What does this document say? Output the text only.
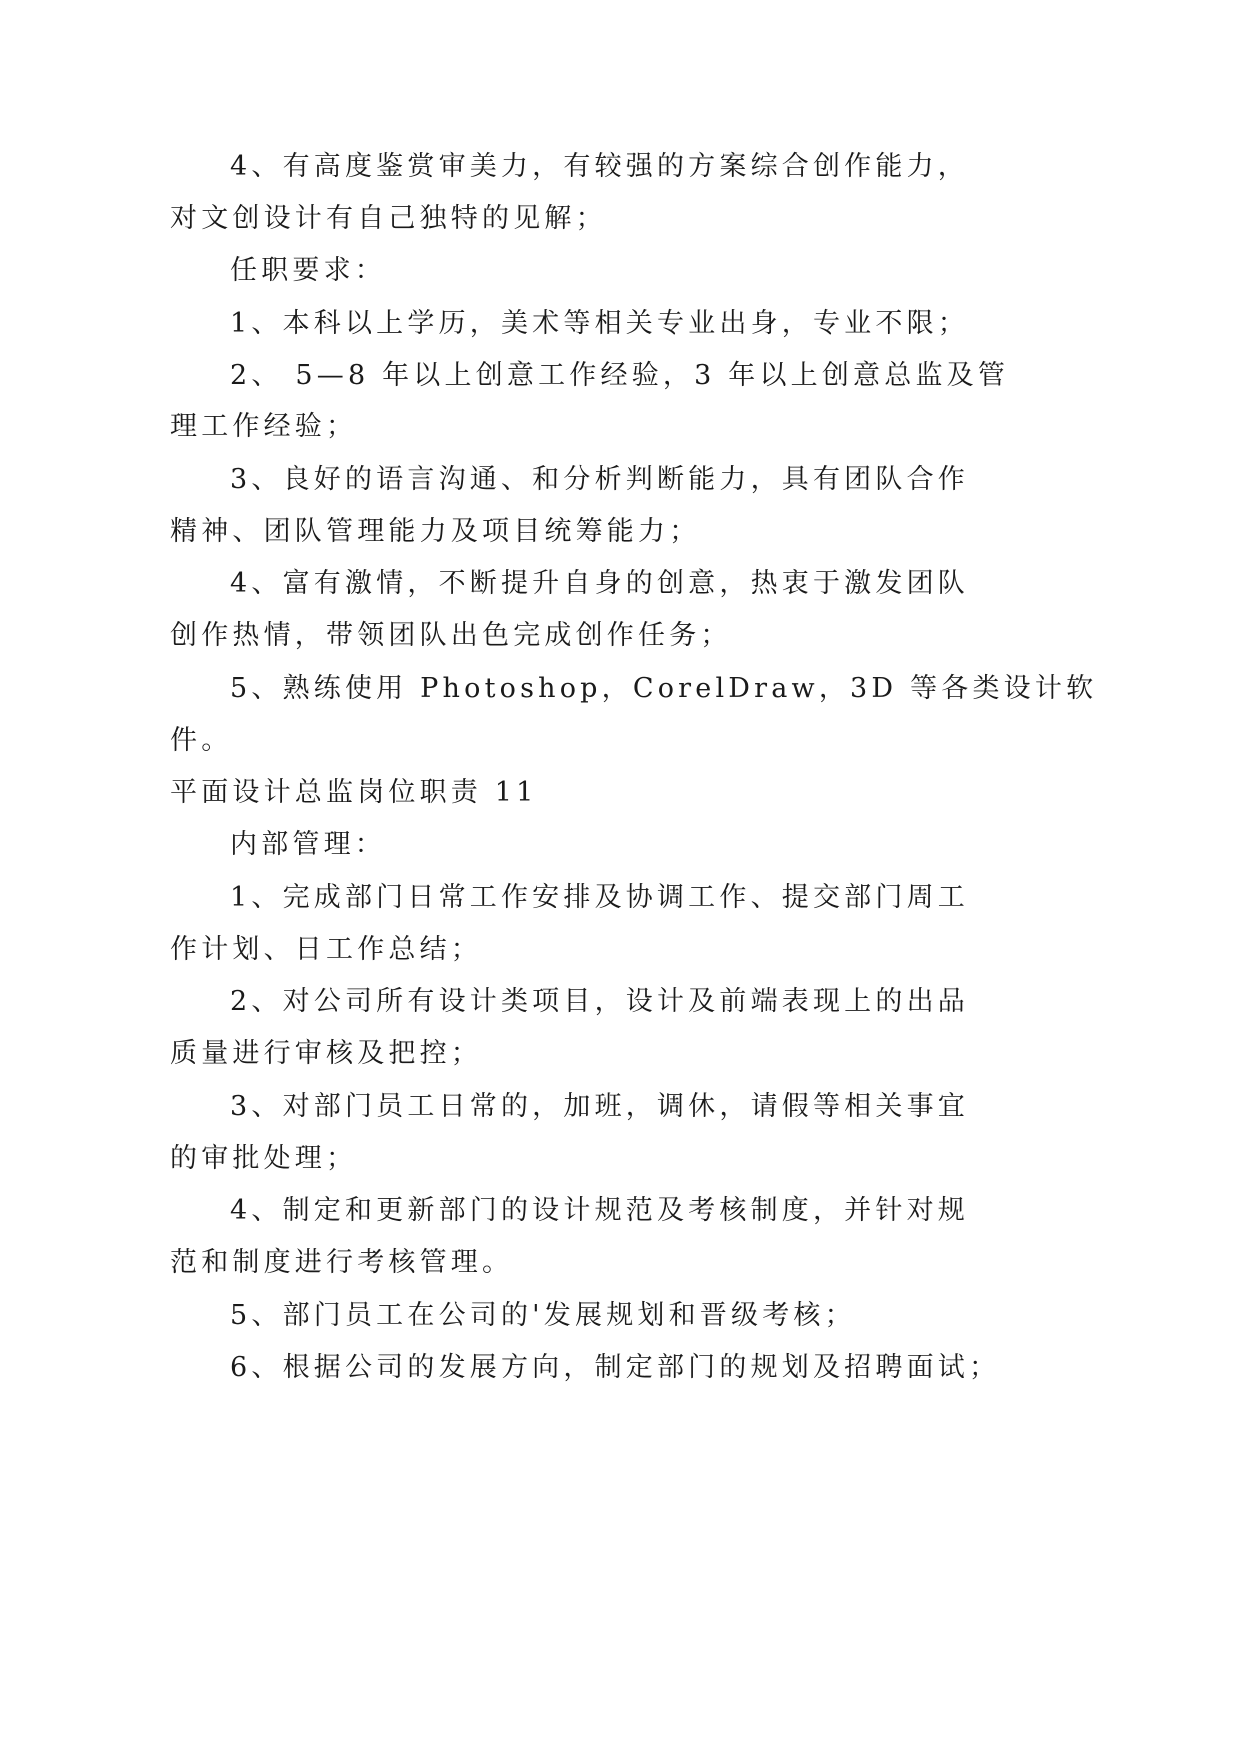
4、有高度鉴赏审美力，有较强的方案综合创作能力，

对文创设计有自己独特的见解；

任职要求：

1、本科以上学历，美术等相关专业出身，专业不限；

2、 5—8 年以上创意工作经验，3 年以上创意总监及管

理工作经验；

3、良好的语言沟通、和分析判断能力，具有团队合作

精神、团队管理能力及项目统筹能力；

4、富有激情，不断提升自身的创意，热衷于激发团队

创作热情，带领团队出色完成创作任务；

5、熟练使用 Photoshop，CorelDraw，3D 等各类设计软

件。

平面设计总监岗位职责 11

内部管理：

1、完成部门日常工作安排及协调工作、提交部门周工

作计划、日工作总结；

2、对公司所有设计类项目，设计及前端表现上的出品

质量进行审核及把控；

3、对部门员工日常的，加班，调休，请假等相关事宜

的审批处理；

4、制定和更新部门的设计规范及考核制度，并针对规

范和制度进行考核管理。

5、部门员工在公司的'发展规划和晋级考核；

6、根据公司的发展方向，制定部门的规划及招聘面试；
